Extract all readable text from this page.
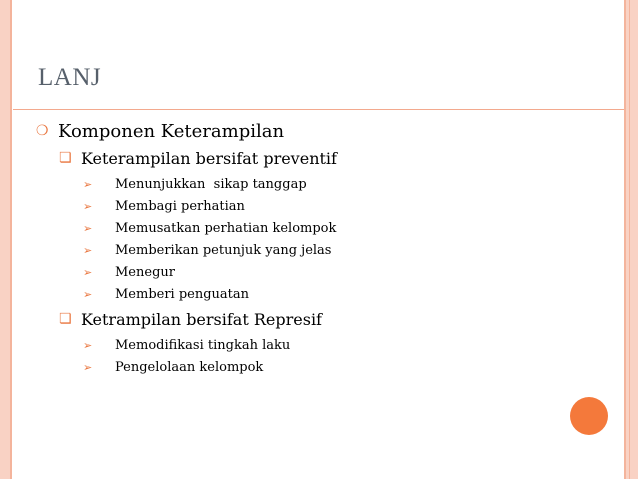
LANJ
❍ Komponen Keterampilan
❏ Keterampilan bersifat preventif
➢	Menunjukkan  sikap tanggap
➢	Membagi perhatian
➢	Memusatkan perhatian kelompok
➢	Memberikan petunjuk yang jelas
➢	Menegur
➢	Memberi penguatan
❏ Ketrampilan bersifat Represif
➢	Memodifikasi tingkah laku
➢	Pengelolaan kelompok
